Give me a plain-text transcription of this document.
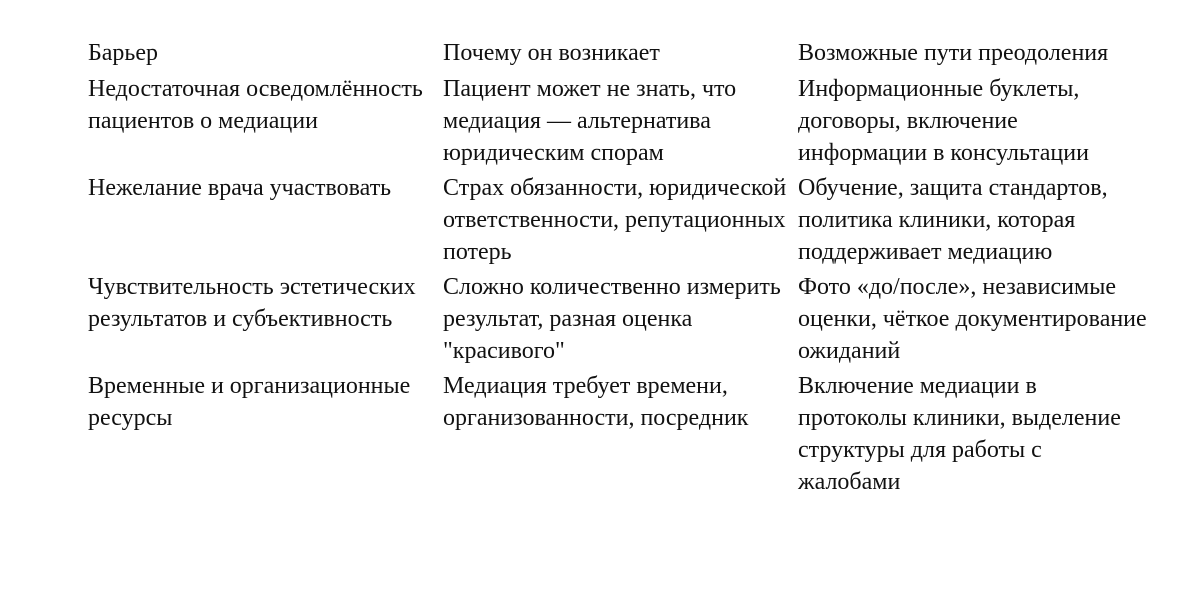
Барьер	Почему он возникает	Возможные пути преодоления
Недостаточная осведомлённость пациентов о медиации	Пациент может не знать, что медиация — альтернатива юридическим спорам	Информационные буклеты, договоры, включение информации в консультации
Нежелание врача участвовать	Страх обязанности, юридической ответственности, репутационных потерь	Обучение, защита стандартов, политика клиники, которая поддерживает медиацию
Чувствительность эстетических результатов и субъективность	Сложно количественно измерить результат, разная оценка "красивого"	Фото «до/после», независимые оценки, чёткое документирование ожиданий
Временные и организационные ресурсы	Медиация требует времени, организованности, посредник	Включение медиации в протоколы клиники, выделение структуры для работы с жалобами
